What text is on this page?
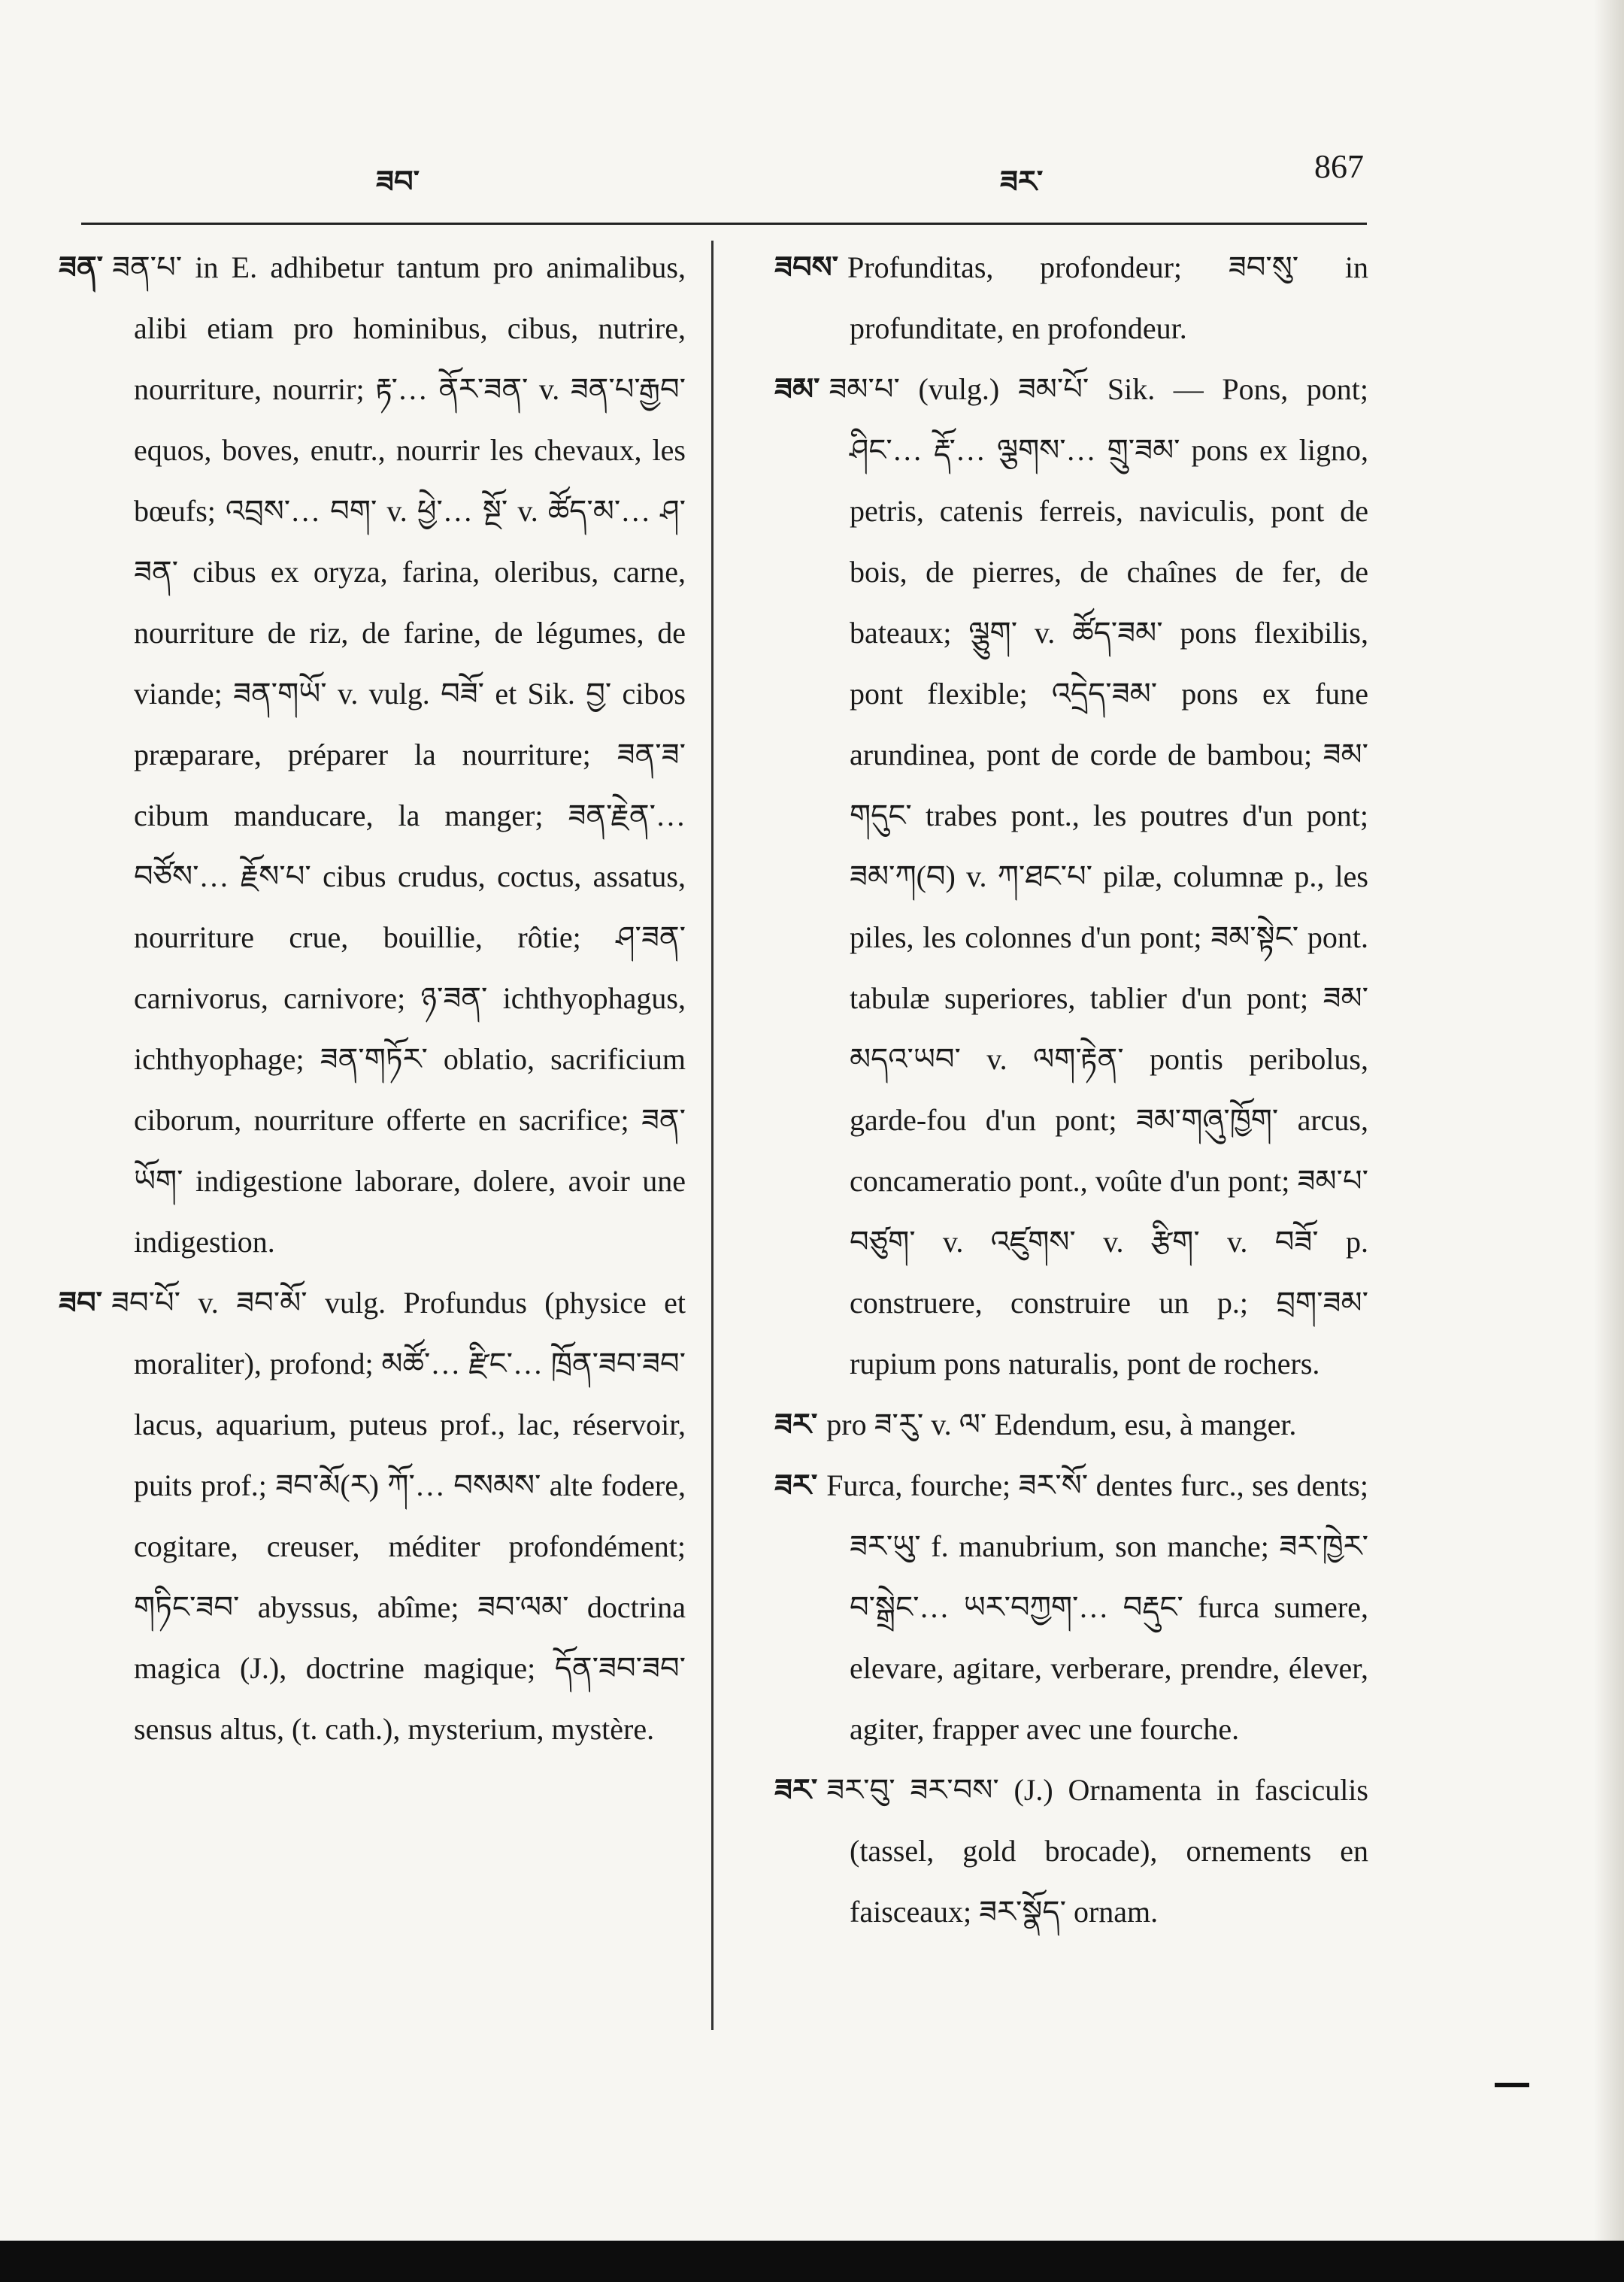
ཟབ་	ཟར་	867
ཟན་ ཟན་པ་ in E. adhibetur tantum pro animalibus, alibi etiam pro hominibus, cibus, nutrire, nourriture, nourrir; རྟ་… ནོར་ཟན་ v. ཟན་པ་རྒྱབ་ equos, boves, enutr., nourrir les chevaux, les bœufs; འབྲས་… བག་ v. ཕྱེ་… སྔོ་ v. ཚོད་མ་… ཤ་ ཟན་ cibus ex oryza, farina, oleribus, carne, nourriture de riz, de farine, de légumes, de viande; ཟན་གཡོ་ v. vulg. བཟོ་ et Sik. བྱ་ cibos præparare, préparer la nourriture; ཟན་ཟ་ cibum manducare, la manger; ཟན་རྗེན་… བཙོས་… རྗོས་པ་ cibus crudus, coctus, assatus, nourriture crue, bouillie, rôtie; ཤ་ཟན་ carnivorus, carnivore; ཉ་ཟན་ ichthyophagus, ichthyophage; ཟན་གཏོར་ oblatio, sacrificium ciborum, nourriture offerte en sacrifice; ཟན་ཡོག་ indigestione laborare, dolere, avoir une indigestion.
ཟབ་ ཟབ་པོ་ v. ཟབ་མོ་ vulg. Profundus (physice et moraliter), profond; མཚོ་… རྫིང་… ཁྲོན་ཟབ་ཟབ་ lacus, aquarium, puteus prof., lac, réservoir, puits prof.; ཟབ་མོ(ར) ཀོ་… བསམས་ alte fodere, cogitare, creuser, méditer profondément; གཏིང་ཟབ་ abyssus, abîme; ཟབ་ལམ་ doctrina magica (J.), doctrine magique; དོན་ཟབ་ཟབ་ sensus altus, (t. cath.), mysterium, mystère.
ཟབས་ Profunditas, profondeur; ཟབ་སུ་ in profunditate, en profondeur.
ཟམ་ ཟམ་པ་ (vulg.) ཟམ་པོ་ Sik. — Pons, pont; ཤིང་… རྡོ་… ལྕགས་… གྲུ་ཟམ་ pons ex ligno, petris, catenis ferreis, naviculis, pont de bois, de pierres, de chaînes de fer, de bateaux; ལྕུག་ v. ཚོད་ཟམ་ pons flexibilis, pont flexible; འདྲེད་ཟམ་ pons ex fune arundinea, pont de corde de bambou; ཟམ་གདུང་ trabes pont., les poutres d'un pont; ཟམ་ཀ(བ) v. ཀ་ཐང་པ་ pilæ, columnæ p., les piles, les colonnes d'un pont; ཟམ་སྟེང་ pont. tabulæ superiores, tablier d'un pont; ཟམ་མདའ་ཡབ་ v. ལག་རྟེན་ pontis peribolus, garde-fou d'un pont; ཟམ་གཞུ་ཁྱོག་ arcus, concameratio pont., voûte d'un pont; ཟམ་པ་བཙུག་ v. འཛུགས་ v. རྩིག་ v. བཟོ་ p. construere, construire un p.; བྲག་ཟམ་ rupium pons naturalis, pont de rochers.
ཟར་ pro ཟ་རུ་ v. ལ་ Edendum, esu, à manger.
ཟར་ Furca, fourche; ཟར་སོ་ dentes furc., ses dents; ཟར་ཡུ་ f. manubrium, son manche; ཟར་ཁྱེར་བ་སྒྲེང་… ཡར་བཀྱག་… བརྡུང་ furca sumere, elevare, agitare, verberare, prendre, élever, agiter, frapper avec une fourche.
ཟར་ ཟར་བུ་ ཟར་བས་ (J.) Ornamenta in fasciculis (tassel, gold brocade), ornements en faisceaux; ཟར་སྣོད་ ornam.
